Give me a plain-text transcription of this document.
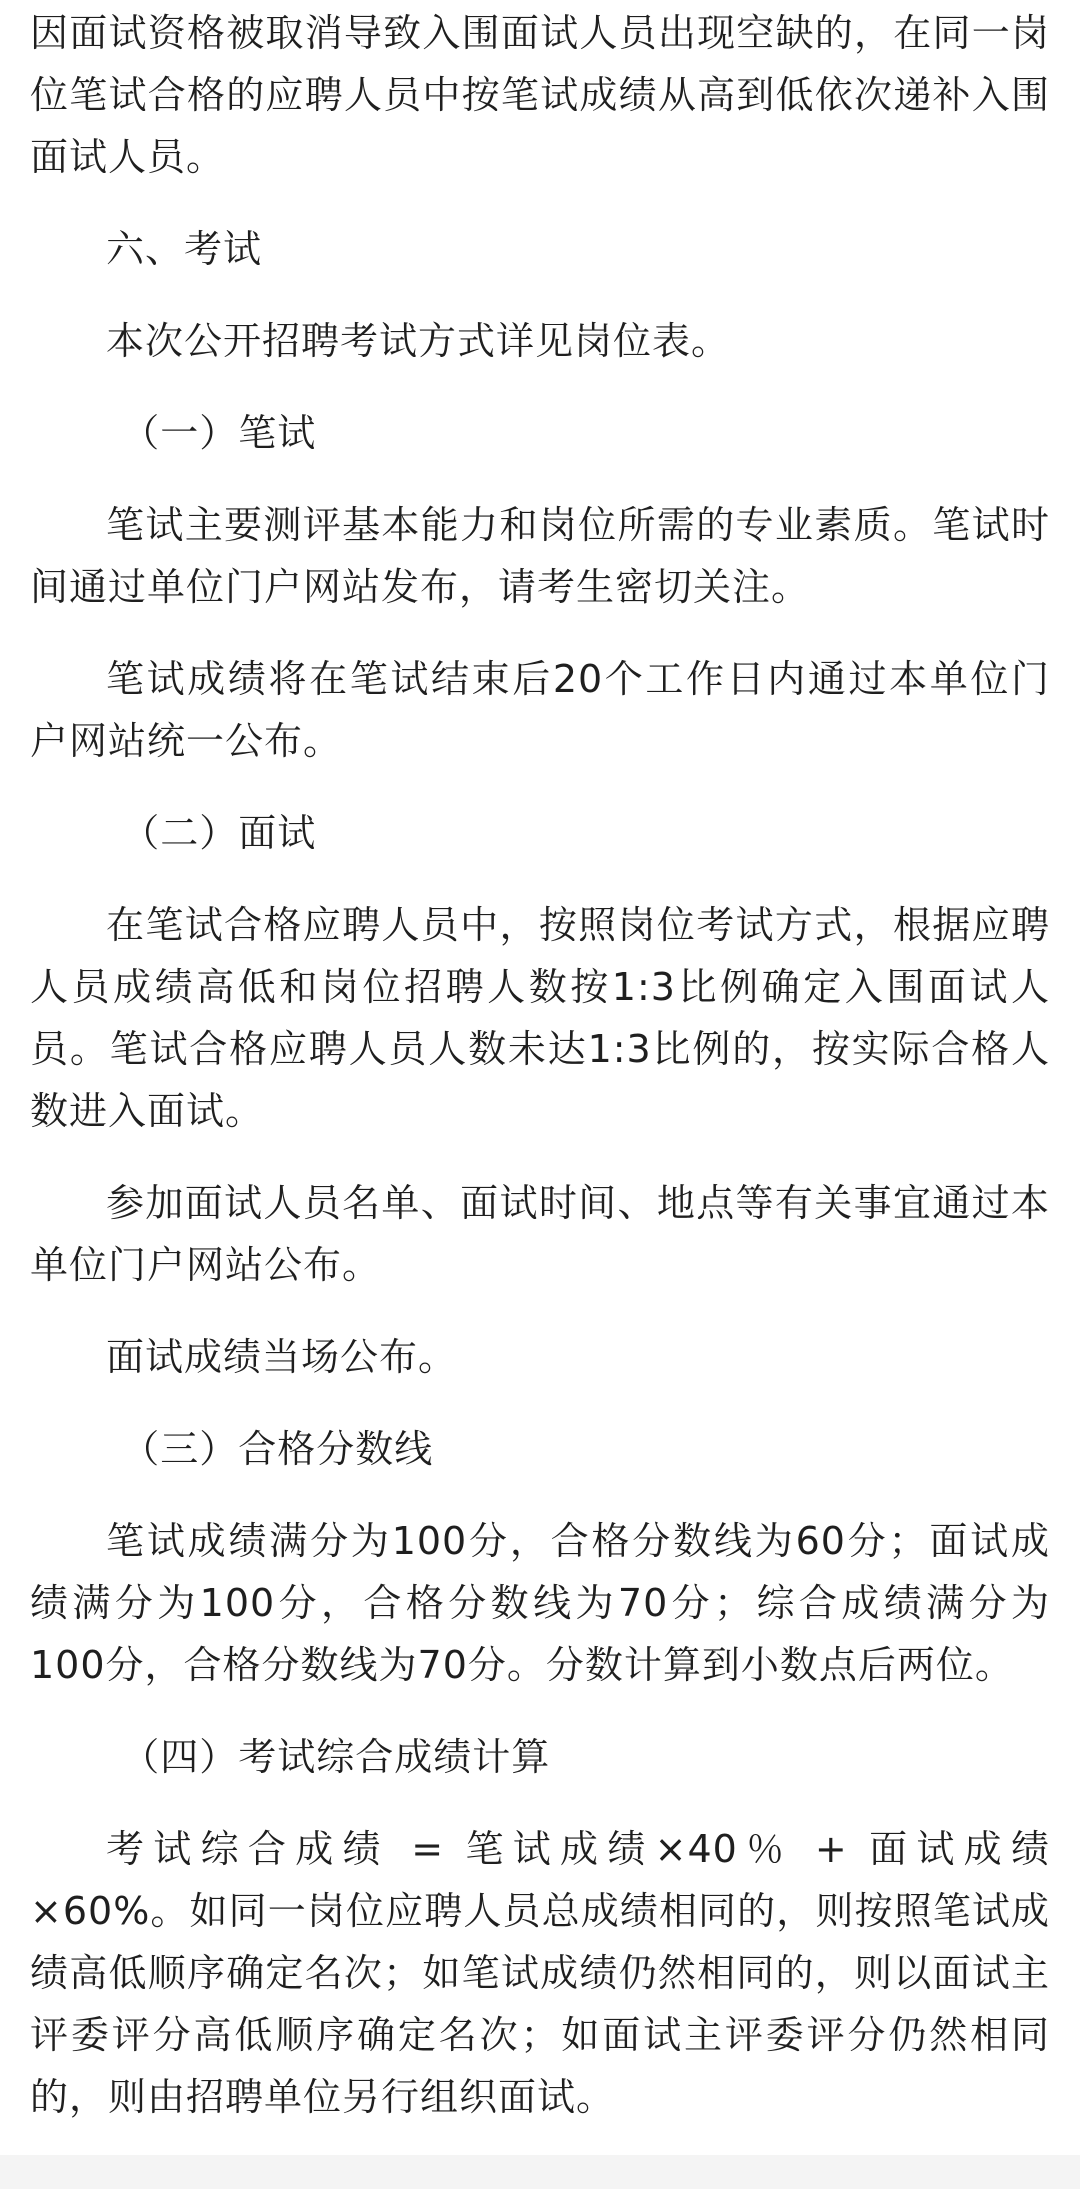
因面试资格被取消导致入围面试人员出现空缺的，在同一岗位笔试合格的应聘人员中按笔试成绩从高到低依次递补入围面试人员。

六、考试

本次公开招聘考试方式详见岗位表。

（一）笔试

笔试主要测评基本能力和岗位所需的专业素质。笔试时间通过单位门户网站发布，请考生密切关注。

笔试成绩将在笔试结束后20个工作日内通过本单位门户网站统一公布。

（二）面试

在笔试合格应聘人员中，按照岗位考试方式，根据应聘人员成绩高低和岗位招聘人数按1:3比例确定入围面试人员。笔试合格应聘人员人数未达1:3比例的，按实际合格人数进入面试。

参加面试人员名单、面试时间、地点等有关事宜通过本单位门户网站公布。

面试成绩当场公布。

（三）合格分数线

笔试成绩满分为100分，合格分数线为60分；面试成绩满分为100分，合格分数线为70分；综合成绩满分为100分，合格分数线为70分。分数计算到小数点后两位。

（四）考试综合成绩计算

考试综合成绩 = 笔试成绩×40％ + 面试成绩×60%。如同一岗位应聘人员总成绩相同的，则按照笔试成绩高低顺序确定名次；如笔试成绩仍然相同的，则以面试主评委评分高低顺序确定名次；如面试主评委评分仍然相同的，则由招聘单位另行组织面试。
